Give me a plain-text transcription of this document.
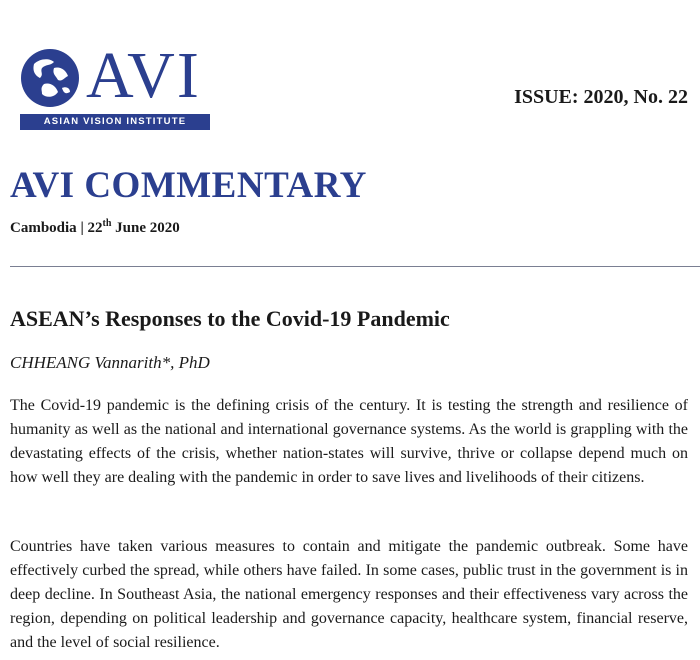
AVI
ASIAN VISION INSTITUTE
ISSUE: 2020, No. 22
AVI COMMENTARY
Cambodia | 22th June 2020
ASEAN’s Responses to the Covid-19 Pandemic
CHHEANG Vannarith*, PhD

The Covid-19 pandemic is the defining crisis of the century. It is testing the strength and resilience of humanity as well as the national and international governance systems. As the world is grappling with the devastating effects of the crisis, whether nation-states will survive, thrive or collapse depend much on how well they are dealing with the pandemic in order to save lives and livelihoods of their citizens.

Countries have taken various measures to contain and mitigate the pandemic outbreak. Some have effectively curbed the spread, while others have failed. In some cases, public trust in the government is in deep decline. In Southeast Asia, the national emergency responses and their effectiveness vary across the region, depending on political leadership and governance capacity, healthcare system, financial reserve, and the level of social resilience.
